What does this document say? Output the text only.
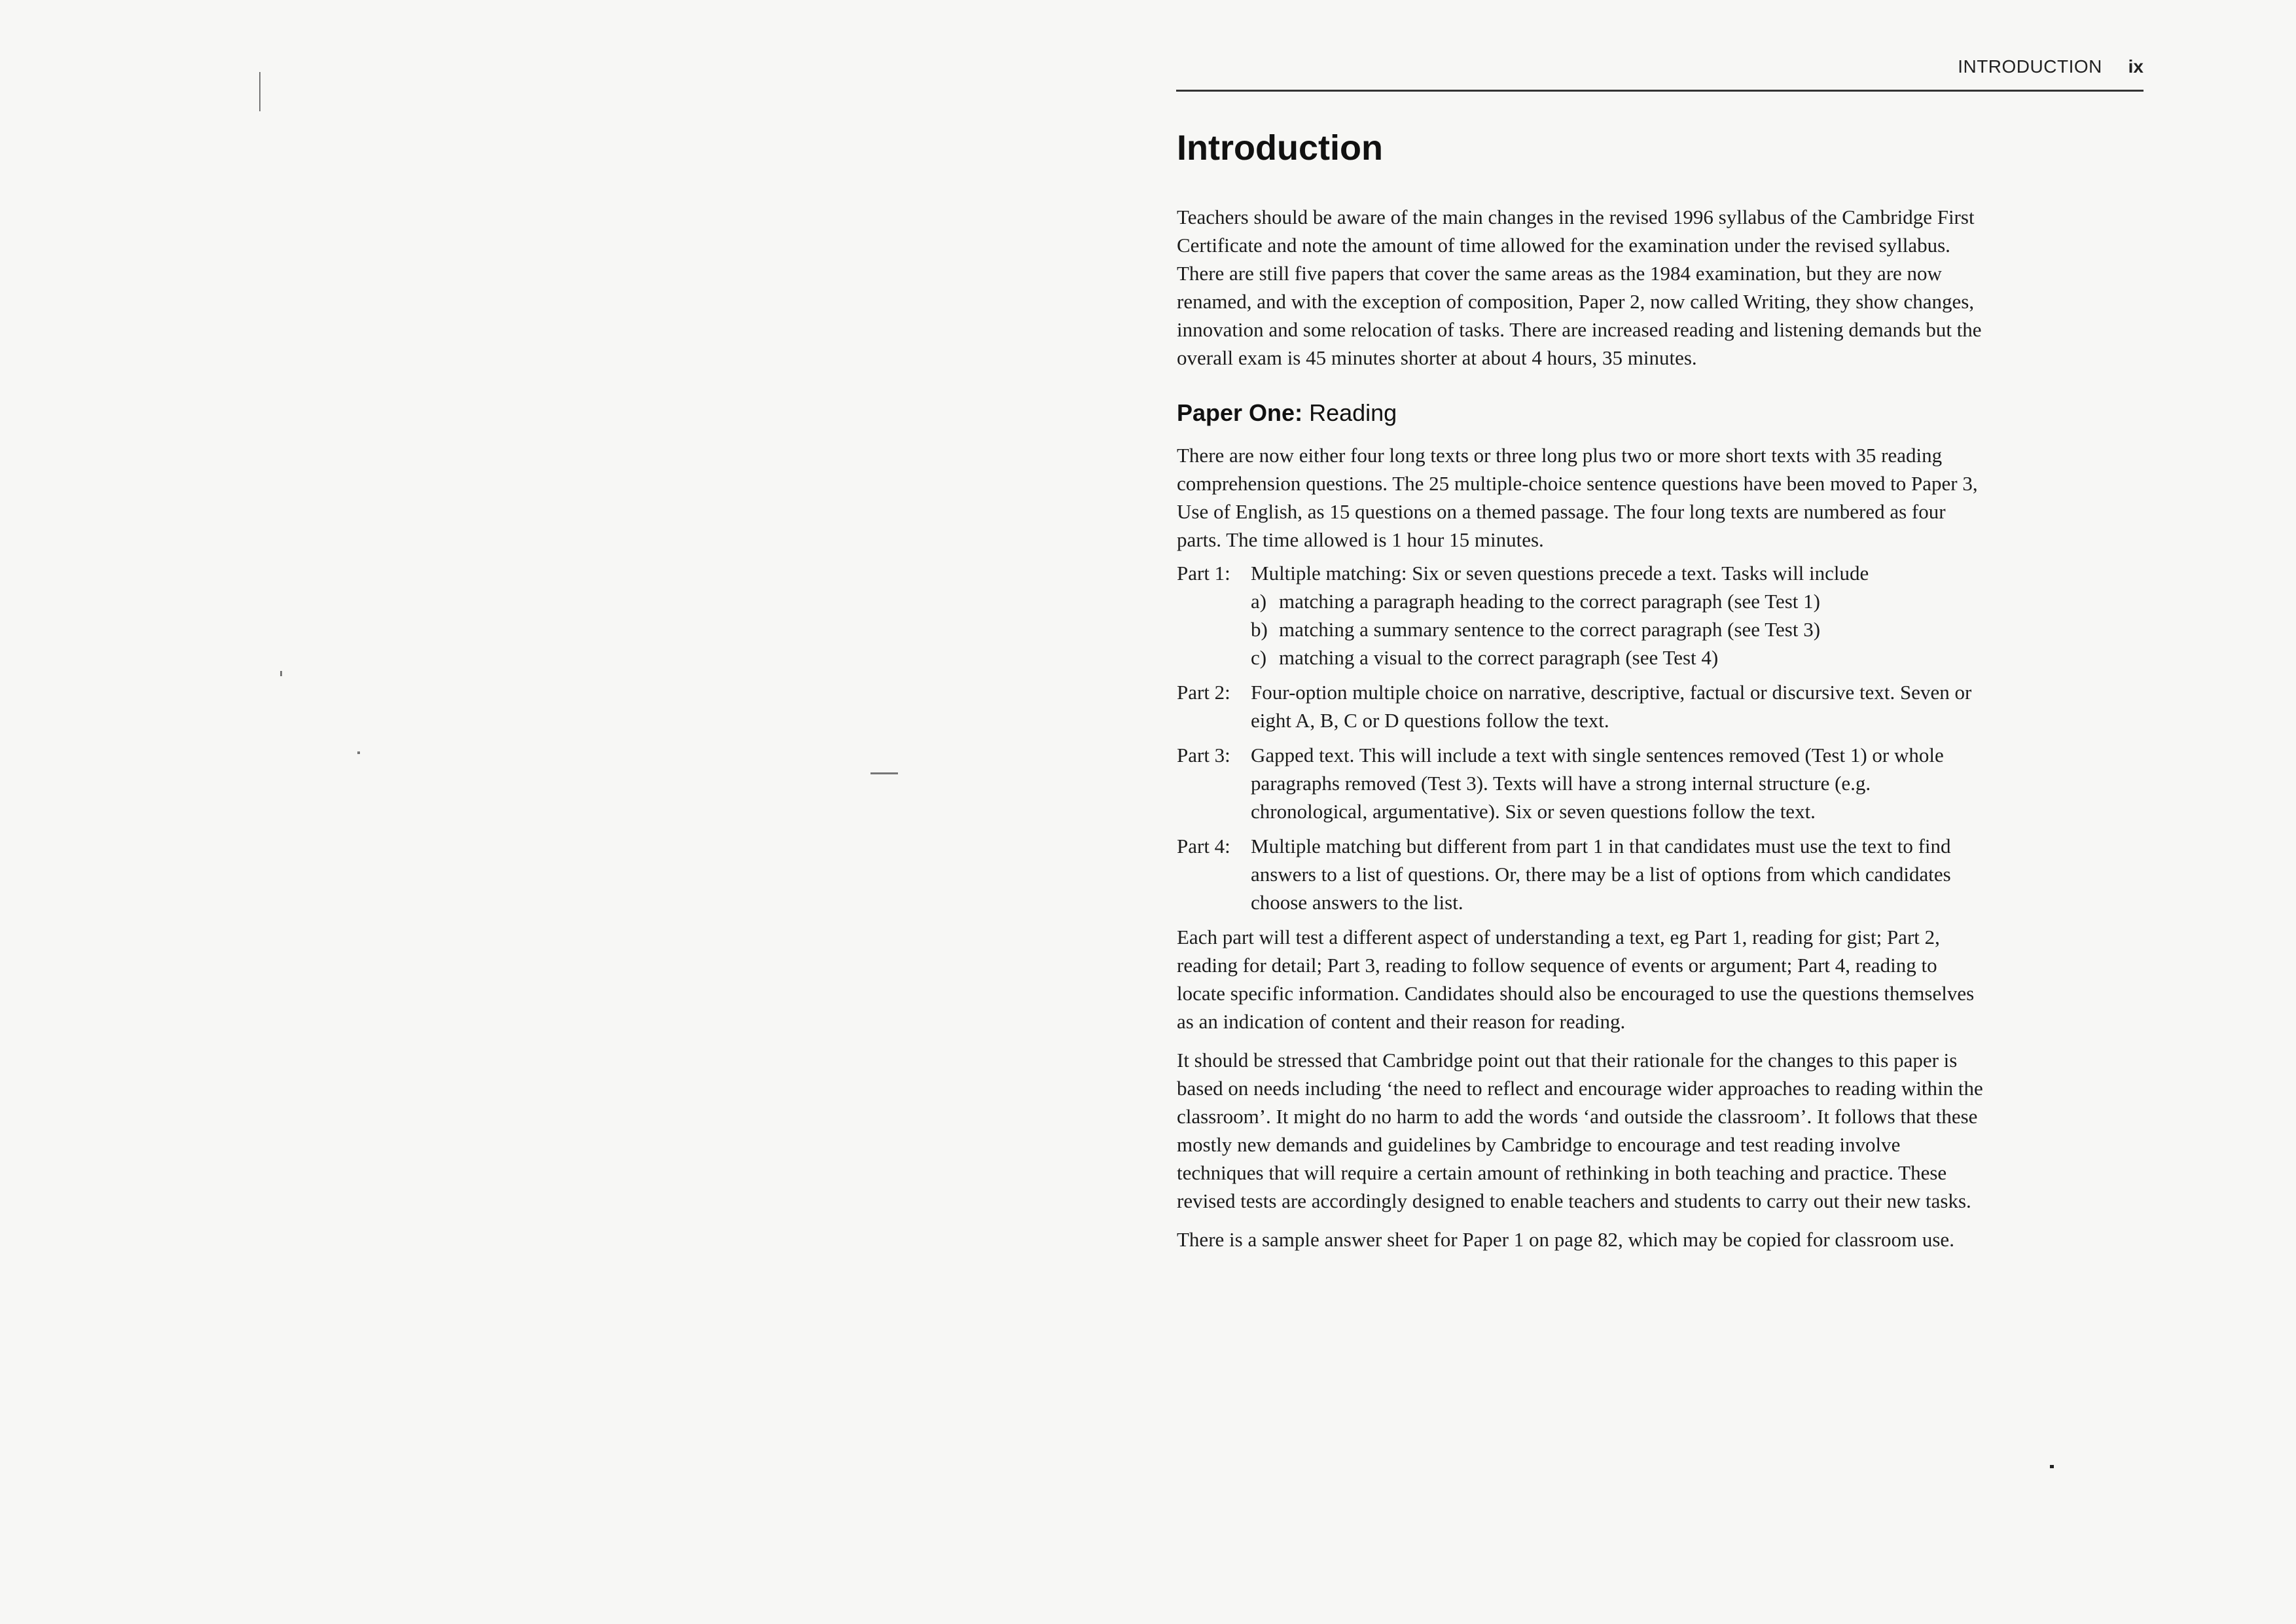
INTRODUCTION ix
Introduction

Teachers should be aware of the main changes in the revised 1996 syllabus of the Cambridge First Certificate and note the amount of time allowed for the examination under the revised syllabus. There are still five papers that cover the same areas as the 1984 examination, but they are now renamed, and with the exception of composition, Paper 2, now called Writing, they show changes, innovation and some relocation of tasks. There are increased reading and listening demands but the overall exam is 45 minutes shorter at about 4 hours, 35 minutes.

Paper One: Reading

There are now either four long texts or three long plus two or more short texts with 35 reading comprehension questions. The 25 multiple-choice sentence questions have been moved to Paper 3, Use of English, as 15 questions on a themed passage. The four long texts are numbered as four parts. The time allowed is 1 hour 15 minutes.

Part 1:	Multiple matching: Six or seven questions precede a text. Tasks will include
a) matching a paragraph heading to the correct paragraph (see Test 1)
b) matching a summary sentence to the correct paragraph (see Test 3)
c) matching a visual to the correct paragraph (see Test 4)
Part 2:	Four-option multiple choice on narrative, descriptive, factual or discursive text. Seven or eight A, B, C or D questions follow the text.
Part 3:	Gapped text. This will include a text with single sentences removed (Test 1) or whole paragraphs removed (Test 3). Texts will have a strong internal structure (e.g. chronological, argumentative). Six or seven questions follow the text.
Part 4:	Multiple matching but different from part 1 in that candidates must use the text to find answers to a list of questions. Or, there may be a list of options from which candidates choose answers to the list.

Each part will test a different aspect of understanding a text, eg Part 1, reading for gist; Part 2, reading for detail; Part 3, reading to follow sequence of events or argument; Part 4, reading to locate specific information. Candidates should also be encouraged to use the questions themselves as an indication of content and their reason for reading.

It should be stressed that Cambridge point out that their rationale for the changes to this paper is based on needs including ‘the need to reflect and encourage wider approaches to reading within the classroom’. It might do no harm to add the words ‘and outside the classroom’. It follows that these mostly new demands and guidelines by Cambridge to encourage and test reading involve techniques that will require a certain amount of rethinking in both teaching and practice. These revised tests are accordingly designed to enable teachers and students to carry out their new tasks.

There is a sample answer sheet for Paper 1 on page 82, which may be copied for classroom use.
